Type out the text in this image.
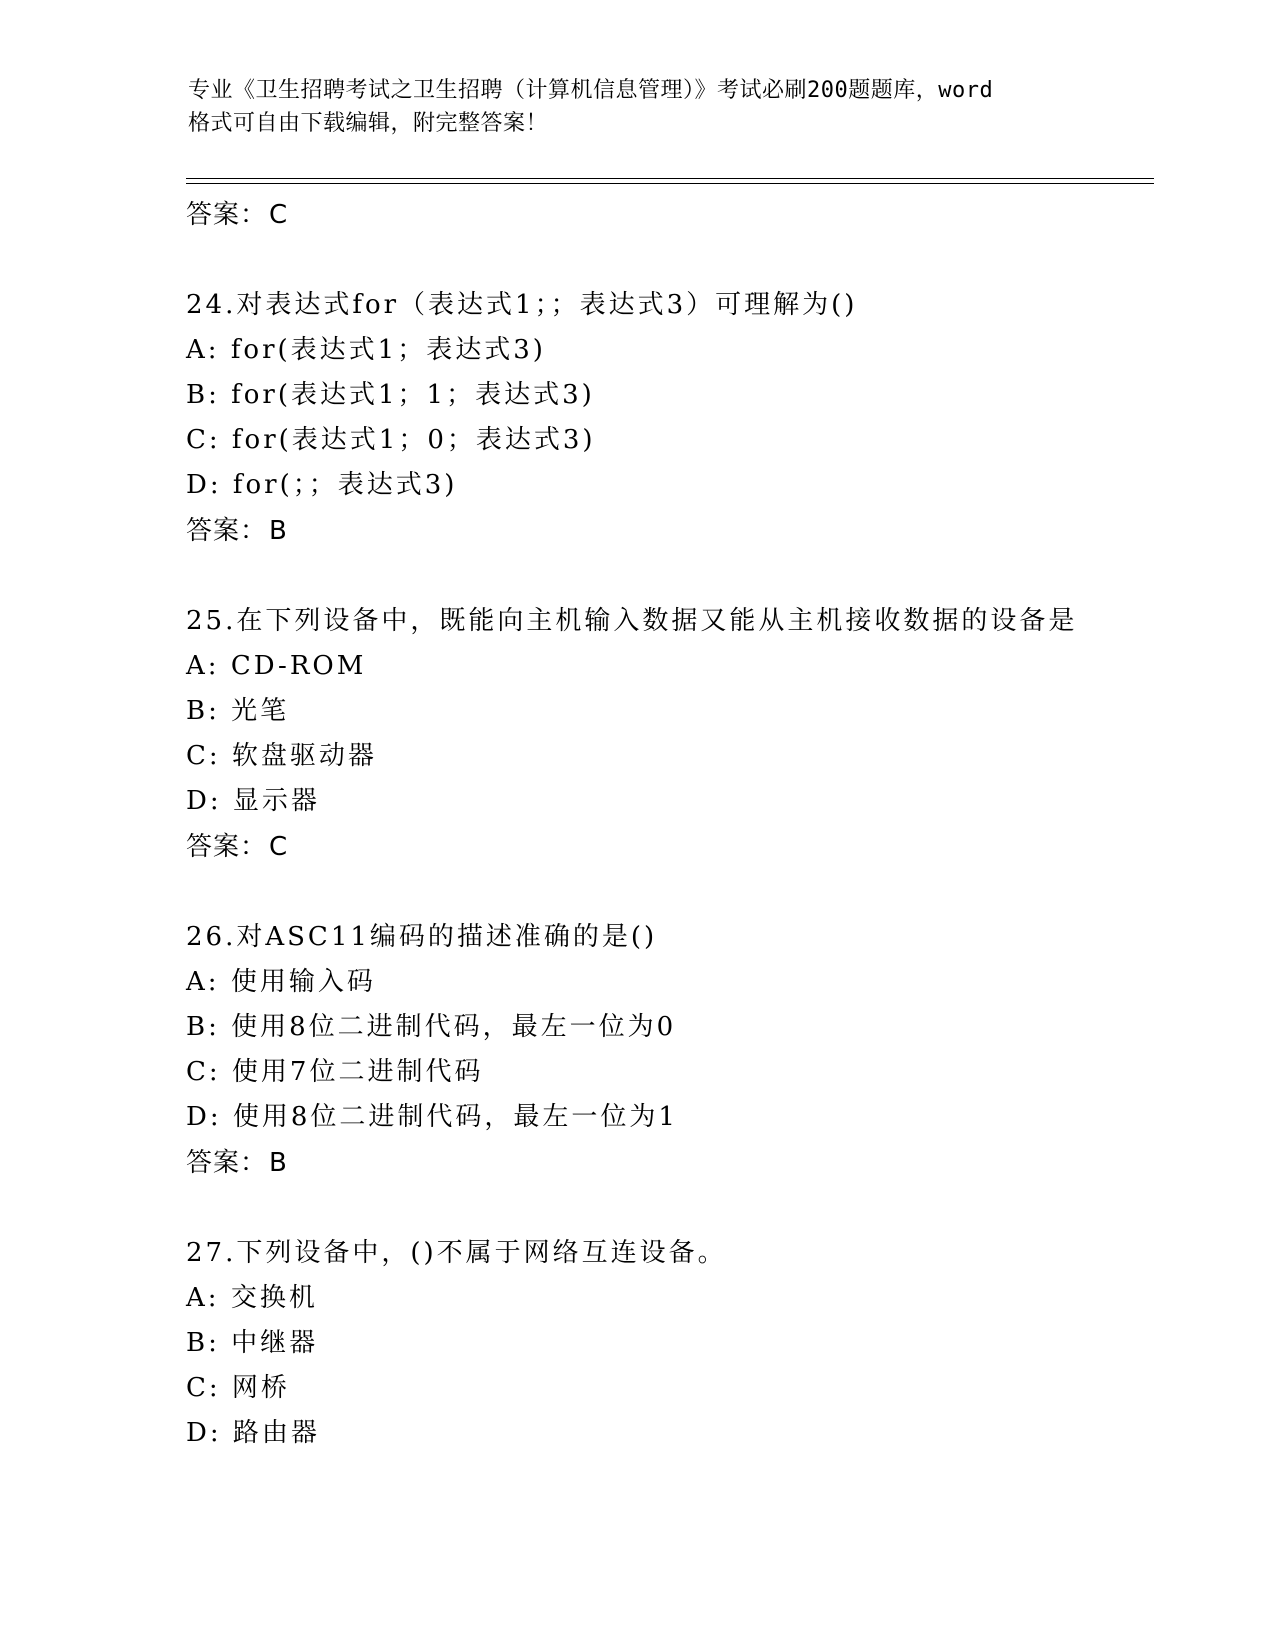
专业《卫生招聘考试之卫生招聘（计算机信息管理）》考试必刷200题题库，word
格式可自由下载编辑，附完整答案！
答案：C
24.对表达式for（表达式1；；表达式3）可理解为()
A: for(表达式1；表达式3)
B: for(表达式1；1；表达式3)
C: for(表达式1；0；表达式3)
D: for(；；表达式3)
答案：B
25.在下列设备中，既能向主机输入数据又能从主机接收数据的设备是
A: CD-ROM
B: 光笔
C: 软盘驱动器
D: 显示器
答案：C
26.对ASC11编码的描述准确的是()
A: 使用输入码
B: 使用8位二进制代码，最左一位为0
C: 使用7位二进制代码
D: 使用8位二进制代码，最左一位为1
答案：B
27.下列设备中，()不属于网络互连设备。
A: 交换机
B: 中继器
C: 网桥
D: 路由器
